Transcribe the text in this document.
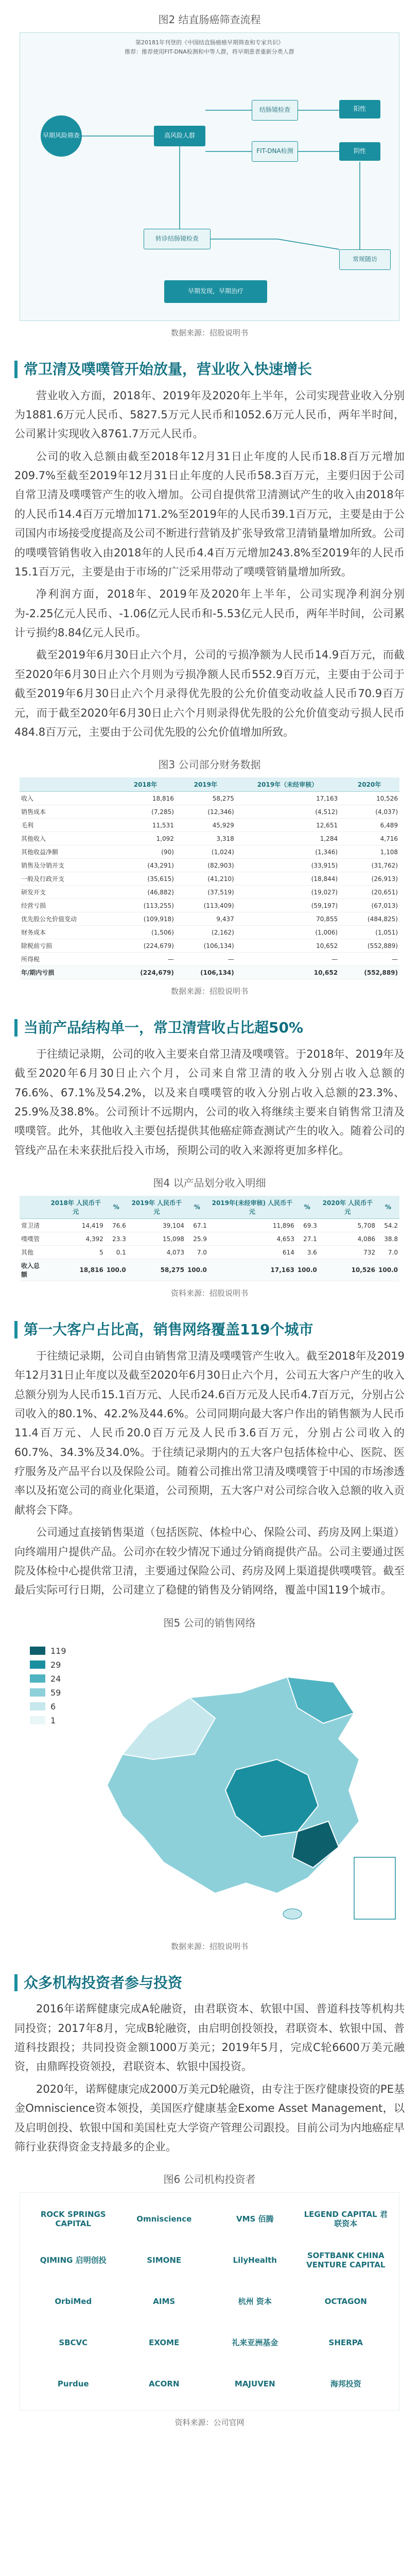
图2 结直肠癌筛查流程
第20181年刊登的《中国结直肠癌癌早期筛查和专家共识》
推荐：推荐使用FIT-DNA检测和中等人群，将早期患者重新分类人群
早期风险筛查	高风险人群
结肠镜检查
FIT-DNA检测
阳性
阴性
常规随访
转诊结肠镜检查
早期发现，早期治疗
数据来源：招股说明书
常卫清及噗噗管开始放量，营业收入快速增长

营业收入方面，2018年、2019年及2020年上半年，公司实现营业收入分别为1881.6万元人民币、5827.5万元人民币和1052.6万元人民币，两年半时间，公司累计实现收入8761.7万元人民币。

公司的收入总额由截至2018年12月31日止年度的人民币18.8百万元增加209.7%至截至2019年12月31日止年度的人民币58.3百万元，主要归因于公司自常卫清及噗噗管产生的收入增加。公司自提供常卫清测试产生的收入由2018年的人民币14.4百万元增加171.2%至2019年的人民币39.1百万元，主要是由于公司国内市场接受度提高及公司不断进行营销及扩张导致常卫清销量增加所致。公司的噗噗管销售收入由2018年的人民币4.4百万元增加243.8%至2019年的人民币15.1百万元，主要是由于市场的广泛采用带动了噗噗管销量增加所致。

净利润方面，2018年、2019年及2020年上半年，公司实现净利润分别为-2.25亿元人民币、-1.06亿元人民币和-5.53亿元人民币，两年半时间，公司累计亏损约8.84亿元人民币。

截至2019年6月30日止六个月，公司的亏损净额为人民币14.9百万元，而截至2020年6月30日止六个月则为亏损净额人民币552.9百万元，主要由于公司于截至2019年6月30日止六个月录得优先股的公允价值变动收益人民币70.9百万元，而于截至2020年6月30日止六个月则录得优先股的公允价值变动亏损人民币484.8百万元，主要由于公司优先股的公允价值增加所致。

图3 公司部分财务数据
	2018年	2019年	2019年（未经审核）	2020年
收入	18,816	58,275	17,163	10,526
销售成本	(7,285)	(12,346)	(4,512)	(4,037)
毛利	11,531	45,929	12,651	6,489
其他收入	1,092	3,318	1,284	4,716
其他收益净额	(90)	(1,024)	(1,346)	1,108
销售及分销开支	(43,291)	(82,903)	(33,915)	(31,762)
一般及行政开支	(35,615)	(41,210)	(18,844)	(26,913)
研发开支	(46,882)	(37,519)	(19,027)	(20,651)
经营亏损	(113,255)	(113,409)	(59,197)	(67,013)
优先股公允价值变动	(109,918)	9,437	70,855	(484,825)
财务成本	(1,506)	(2,162)	(1,006)	(1,051)
除税前亏损	(224,679)	(106,134)	10,652	(552,889)
所得税	—	—	—	—
年/期内亏损	(224,679)	(106,134)	10,652	(552,889)
数据来源：招股说明书
当前产品结构单一，常卫清营收占比超50%

于往绩记录期，公司的收入主要来自常卫清及噗噗管。于2018年、2019年及截至2020年6月30日止六个月，公司来自常卫清的收入分别占收入总额的76.6%、67.1%及54.2%，以及来自噗噗管的收入分别占收入总额的23.3%、25.9%及38.8%。公司预计不远期内，公司的收入将继续主要来自销售常卫清及噗噗管。此外，其他收入主要包括提供其他癌症筛查测试产生的收入。随着公司的管线产品在未来获批后投入市场，预期公司的收入来源将更加多样化。

图4 以产品划分收入明细
	2018年 人民币千元	%	2019年 人民币千元	%	2019年(未经审核) 人民币千元	%	2020年 人民币千元	%
常卫清	14,419	76.6	39,104	67.1	11,896	69.3	5,708	54.2
噗噗管	4,392	23.3	15,098	25.9	4,653	27.1	4,086	38.8
其他	5	0.1	4,073	7.0	614	3.6	732	7.0
收入总额	18,816	100.0	58,275	100.0	17,163	100.0	10,526	100.0
资料来源：招股说明书
第一大客户占比高，销售网络覆盖119个城市

于往绩记录期，公司自由销售常卫清及噗噗管产生收入。截至2018年及2019年12月31日止年度以及截至2020年6月30日止六个月，公司五大客户产生的收入总额分别为人民币15.1百万元、人民币24.6百万元及人民币4.7百万元，分别占公司收入的80.1%、42.2%及44.6%。公司同期向最大客户作出的销售额为人民币11.4百万元、人民币20.0百万元及人民币3.6百万元，分别占公司收入的60.7%、34.3%及34.0%。于往绩记录期内的五大客户包括体检中心、医院、医疗服务及产品平台以及保险公司。随着公司推出常卫清及噗噗管于中国的市场渗透率以及拓宽公司的商业化渠道，公司预期，五大客户对公司综合收入总额的收入贡献将会下降。

公司通过直接销售渠道（包括医院、体检中心、保险公司、药房及网上渠道）向终端用户提供产品。公司亦在较少情况下通过分销商提供产品。公司主要通过医院及体检中心提供常卫清，主要通过保险公司、药房及网上渠道提供噗噗管。截至最后实际可行日期，公司建立了稳健的销售及分销网络，覆盖中国119个城市。

图5 公司的销售网络
119
29
24
59
6
1
数据来源：招股说明书
众多机构投资者参与投资

2016年诺辉健康完成A轮融资，由君联资本、软银中国、普道科技等机构共同投资；2017年8月，完成B轮融资，由启明创投领投，君联资本、软银中国、普道科技跟投；共同投资金额1000万美元；2019年5月，完成C轮6600万美元融资，由鼎晖投资领投，君联资本、软银中国投资。

2020年，诺辉健康完成2000万美元D轮融资，由专注于医疗健康投资的PE基金Omniscience资本领投，美国医疗健康基金Exome Asset Management，以及启明创投、软银中国和美国杜克大学资产管理公司跟投。目前公司为内地癌症早筛行业获得资金支持最多的企业。

图6 公司机构投资者
ROCK SPRINGS CAPITAL	Omniscience	VMS 佰腾	LEGEND CAPITAL 君联资本
QIMING 启明创投	SIMONE	LilyHealth	SOFTBANK CHINA VENTURE CAPITAL
OrbiMed	AIMS	杭州 资本	OCTAGON
SBCVC	EXOME	礼来亚洲基金	SHERPA
Purdue	ACORN	MAJUVEN	海邦投资
资料来源：公司官网
